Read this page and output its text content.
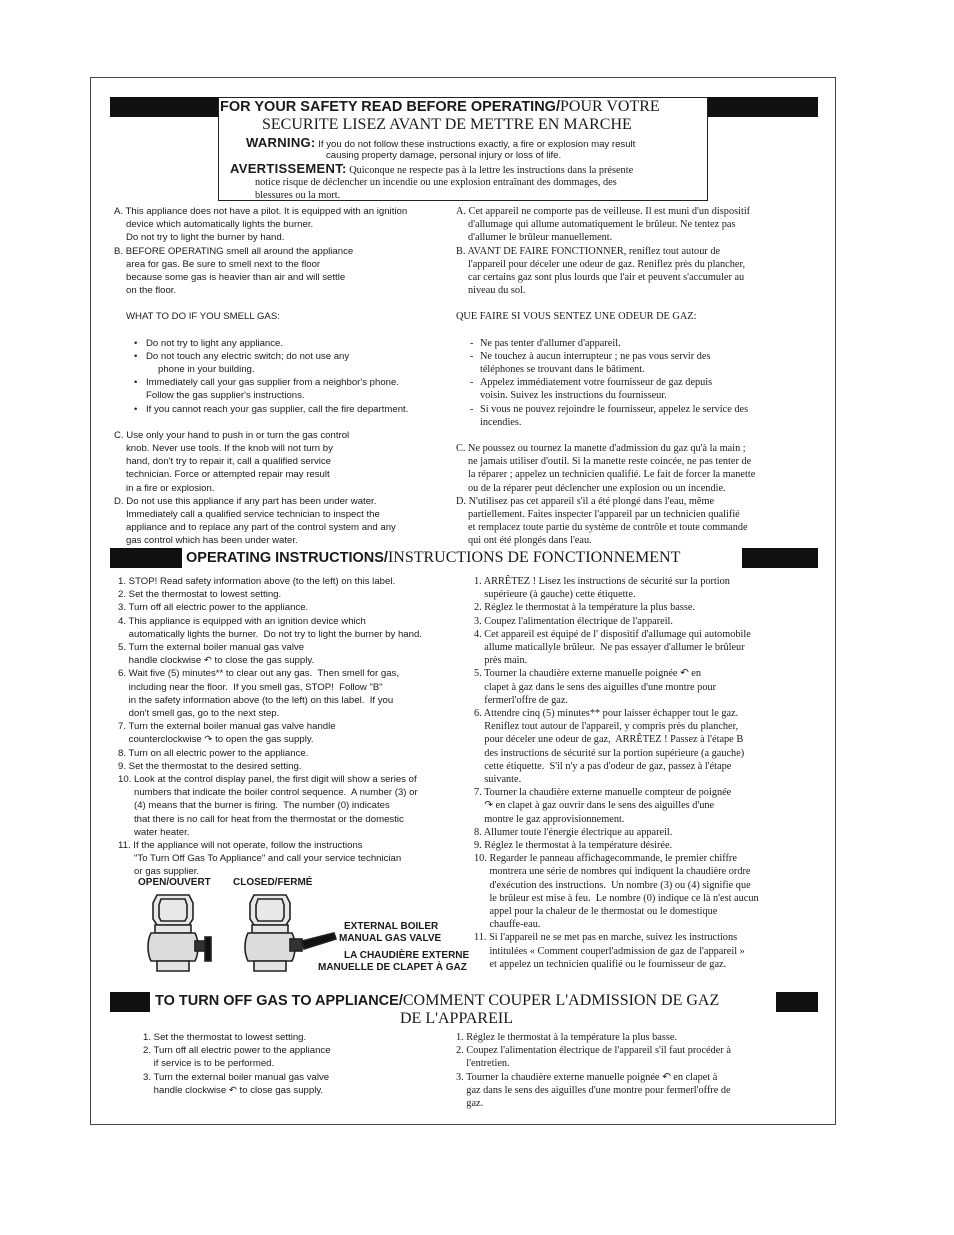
FOR YOUR SAFETY READ BEFORE OPERATING/POUR VOTRE
SECURITE LISEZ AVANT DE METTRE EN MARCHE
WARNING: If you do not follow these instructions exactly, a fire or explosion may result
causing property damage, personal injury or loss of life.
AVERTISSEMENT: Quiconque ne respecte pas à la lettre les instructions dans la présente
notice risque de déclencher un incendie ou une explosion entraînant des dommages, des
blessures ou la mort.

A. This appliance does not have a pilot. It is equipped with an ignition

device which automatically lights the burner.

Do not try to light the burner by hand.

B. BEFORE OPERATING smell all around the appliance

area for gas. Be sure to smell next to the floor

because some gas is heavier than air and will settle

on the floor.

WHAT TO DO IF YOU SMELL GAS:

• Do not try to light any appliance.

• Do not touch any electric switch; do not use any

phone in your building.

• Immediately call your gas supplier from a neighbor's phone.

Follow the gas supplier's instructions.

• If you cannot reach your gas supplier, call the fire department.

C. Use only your hand to push in or turn the gas control

knob. Never use tools. If the knob will not turn by

hand, don't try to repair it, call a qualified service

technician. Force or attempted repair may result

in a fire or explosion.

D. Do not use this appliance if any part has been under water.

Immediately call a qualified service technician to inspect the

appliance and to replace any part of the control system and any

gas control which has been under water.

A. Cet appareil ne comporte pas de veilleuse. Il est muni d'un dispositif

d'allumage qui allume automatiquement le brûleur. Ne tentez pas

d'allumer le brûleur manuellement.

B. AVANT DE FAIRE FONCTIONNER, reniflez tout autour de

l'appareil pour déceler une odeur de gaz. Reniflez près du plancher,

car certains gaz sont plus lourds que l'air et peuvent s'accumuler au

niveau du sol.

QUE FAIRE SI VOUS SENTEZ UNE ODEUR DE GAZ:

- Ne pas tenter d'allumer d'appareil.

- Ne touchez à aucun interrupteur ; ne pas vous servir des

téléphones se trouvant dans le bâtiment.

- Appelez immédiatement votre fournisseur de gaz depuis

voisin. Suivez les instructions du fournisseur.

- Si vous ne pouvez rejoindre le fournisseur, appelez le service des

incendies.

C. Ne poussez ou tournez la manette d'admission du gaz qu'à la main ;

ne jamais utiliser d'outil. Si la manette reste coincée, ne pas tenter de

la réparer ; appelez un technicien qualifié. Le fait de forcer la manette

ou de la réparer peut déclencher une explosion ou un incendie.

D. N'utilisez pas cet appareil s'il a été plongé dans l'eau, même

partiellement. Faites inspecter l'appareil par un technicien qualifié

et remplacez toute partie du système de contrôle et toute commande

qui ont été plongés dans l'eau.

OPERATING INSTRUCTIONS/INSTRUCTIONS DE FONCTIONNEMENT

1. STOP! Read safety information above (to the left) on this label.

2. Set the thermostat to lowest setting.

3. Turn off all electric power to the appliance.

4. This appliance is equipped with an ignition device which

automatically lights the burner.  Do not try to light the burner by hand.

5. Turn the external boiler manual gas valve

handle clockwise ↶ to close the gas supply.

6. Wait five (5) minutes** to clear out any gas.  Then smell for gas,

including near the floor.  If you smell gas, STOP!  Follow "B"

in the safety information above (to the left) on this label.  If you

don't smell gas, go to the next step.

7. Turn the external boiler manual gas valve handle

counterclockwise ↷ to open the gas supply.

8. Turn on all electric power to the appliance.

9. Set the thermostat to the desired setting.

10. Look at the control display panel, the first digit will show a series of

numbers that indicate the boiler control sequence.  A number (3) or

(4) means that the burner is firing.  The number (0) indicates

that there is no call for heat from the thermostat or the domestic

water heater.

11. If the appliance will not operate, follow the instructions

"To Turn Off Gas To Appliance" and call your service technician

or gas supplier.

1. ARRÊTEZ ! Lisez les instructions de sécurité sur la portion

supérieure (à gauche) cette étiquette.

2. Réglez le thermostat à la température la plus basse.

3. Coupez l'alimentation électrique de l'appareil.

4. Cet appareil est équipé de l' dispositif d'allumage qui automobile

allume maticallyle brûleur.  Ne pas essayer d'allumer le brûleur

près main.

5. Tourner la chaudière externe manuelle poignée ↶ en

clapet à gaz dans le sens des aiguilles d'une montre pour

fermerl'offre de gaz.

6. Attendre cinq (5) minutes** pour laisser échapper tout le gaz.

Reniflez tout autour de l'appareil, y compris près du plancher,

pour déceler une odeur de gaz,  ARRÊTEZ ! Passez à l'étape B

des instructions de sécurité sur la portion supérieure (a gauche)

cette étiquette.  S'il n'y a pas d'odeur de gaz, passez à l'étape

suivante.

7. Tourner la chaudière externe manuelle compteur de poignée

↷ en clapet à gaz ouvrir dans le sens des aiguilles d'une

montre le gaz approvisionnement.

8. Allumer toute l'énergie électrique au appareil.

9. Réglez le thermostat à la température désirée.

10. Regarder le panneau affichagecommande, le premier chiffre

montrera une série de nombres qui indiquent la chaudière ordre

d'exécution des instructions.  Un nombre (3) ou (4) signifie que

le brûleur est mise à feu.  Le nombre (0) indique ce là n'est aucun

appel pour la chaleur de le thermostat ou le domestique

chauffe-eau.

11. Si l'appareil ne se met pas en marche, suivez les instructions

intitulées « Comment couperl'admission de gaz de l'appareil »

et appelez un technicien qualifié ou le fournisseur de gaz.

OPEN/OUVERT CLOSED/FERMÉ
EXTERNAL BOILER
MANUAL GAS VALVE
LA CHAUDIÈRE EXTERNE
MANUELLE DE CLAPET À GAZ
TO TURN OFF GAS TO APPLIANCE/COMMENT COUPER L'ADMISSION DE GAZ
DE L'APPAREIL

1. Set the thermostat to lowest setting.

2. Turn off all electric power to the appliance

if service is to be performed.

3. Turn the external boiler manual gas valve

handle clockwise ↶ to close gas supply.

1. Réglez le thermostat à la température la plus basse.

2. Coupez l'alimentation électrique de l'appareil s'il faut procéder à

l'entretien.

3. Tourner la chaudière externe manuelle poignée ↶ en clapet à

gaz dans le sens des aiguilles d'une montre pour fermerl'offre de

gaz.
